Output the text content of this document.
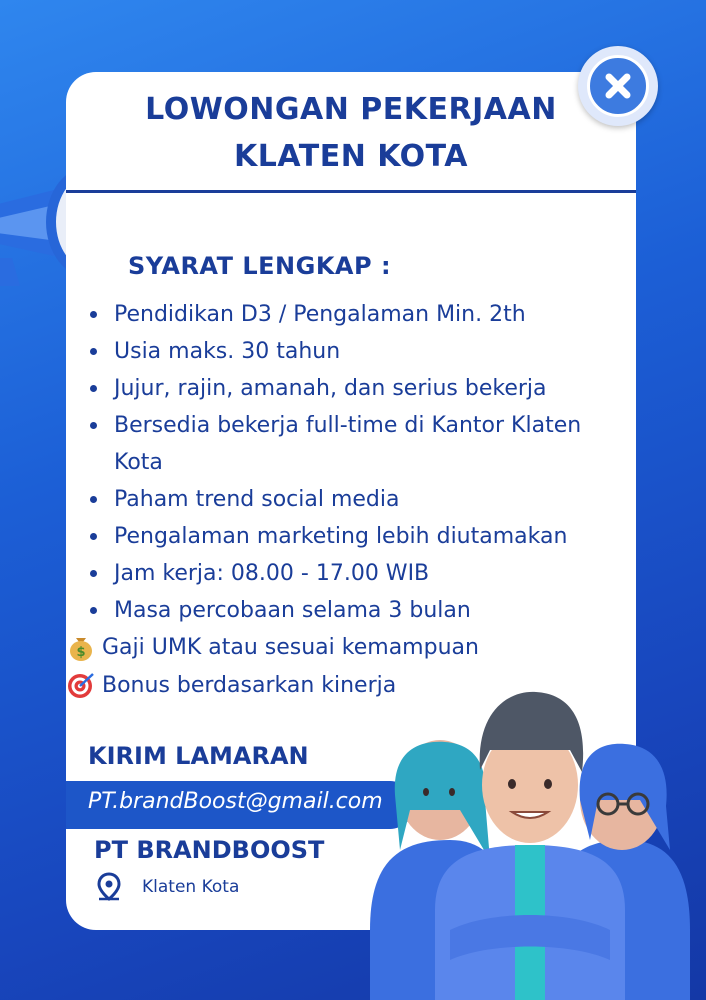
LOWONGAN PEKERJAAN
KLATEN KOTA
SYARAT LENGKAP :
Pendidikan D3 / Pengalaman Min. 2th
Usia maks. 30 tahun
Jujur, rajin, amanah, dan serius bekerja
Bersedia bekerja full-time di Kantor Klaten Kota
Paham trend social media
Pengalaman marketing lebih diutamakan
Jam kerja: 08.00 - 17.00 WIB
Masa percobaan selama 3 bulan
$ Gaji UMK atau sesuai kemampuan
Bonus berdasarkan kinerja
KIRIM LAMARAN
PT.brandBoost@gmail.com
PT BRANDBOOST
Klaten Kota
